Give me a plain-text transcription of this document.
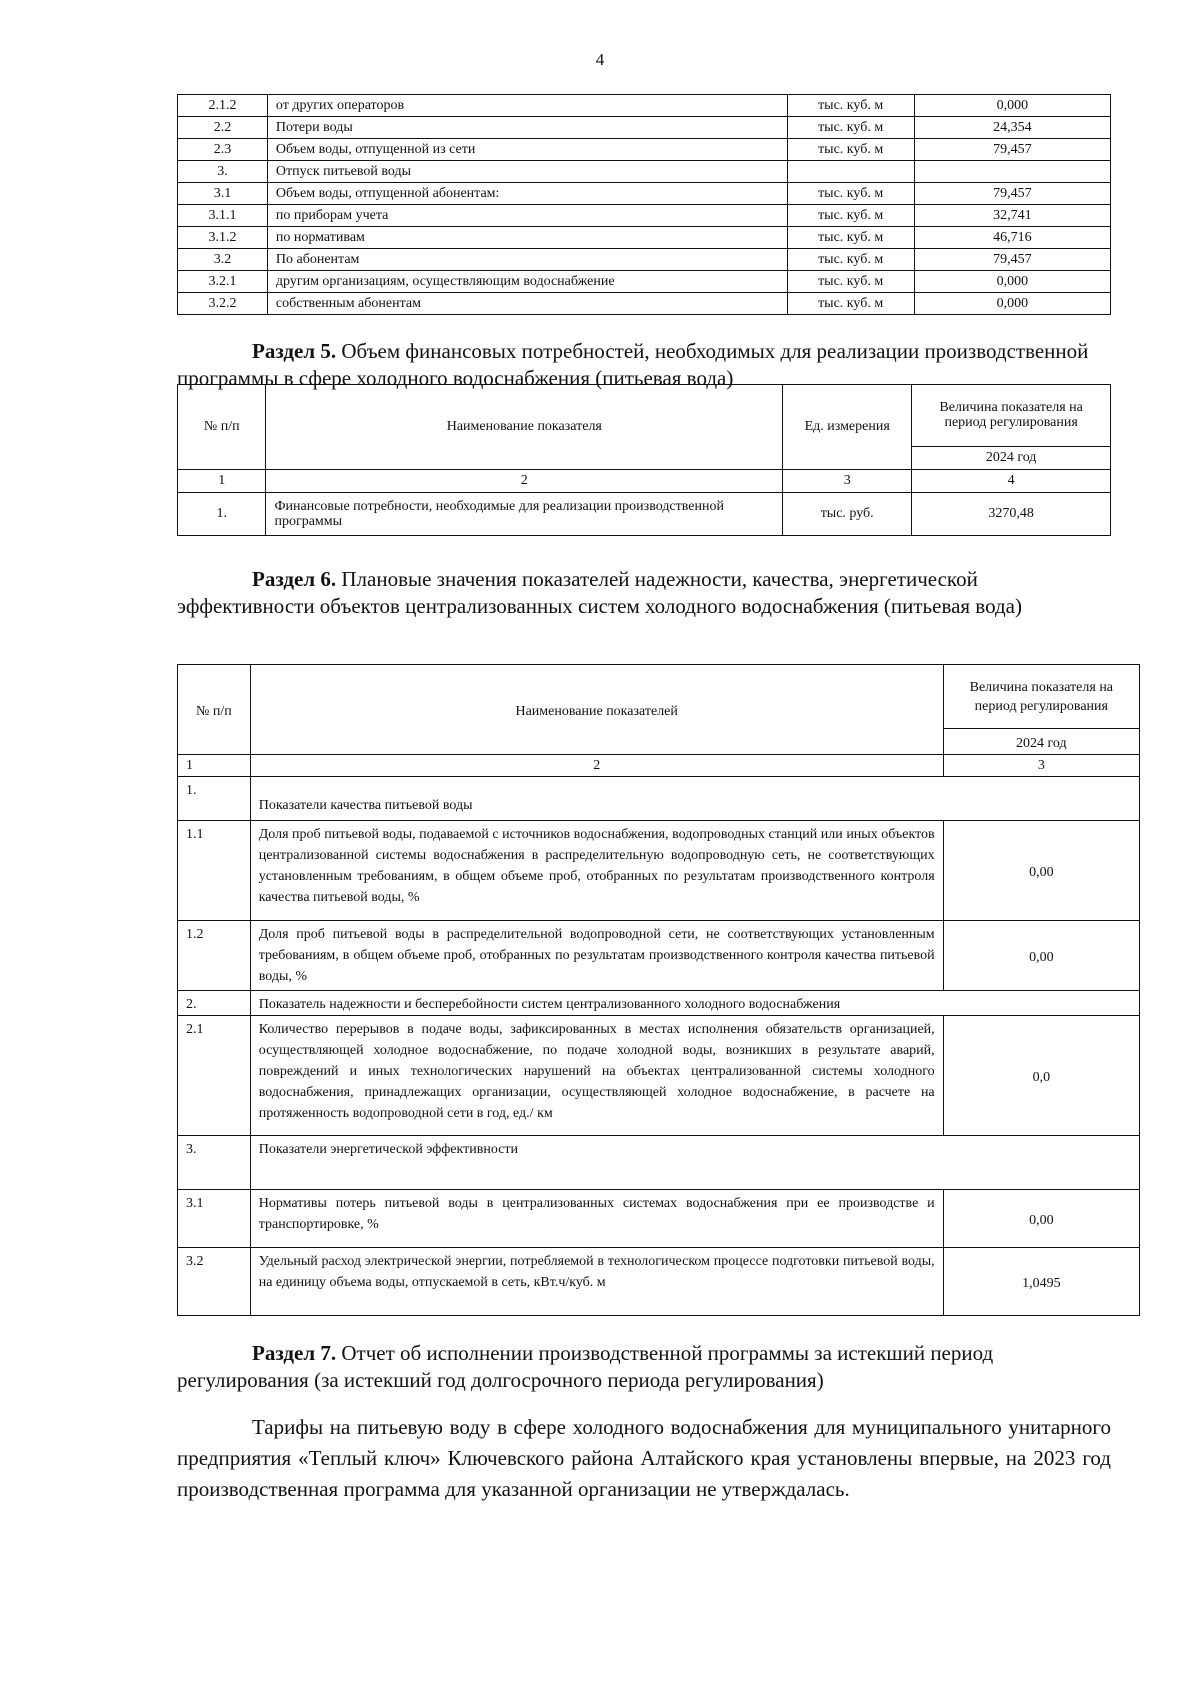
4
2.1.2	от других операторов	тыс. куб. м	0,000
2.2	Потери воды	тыс. куб. м	24,354
2.3	Объем воды, отпущенной из сети	тыс. куб. м	79,457
3.	Отпуск питьевой воды		
3.1	Объем воды, отпущенной абонентам:	тыс. куб. м	79,457
3.1.1	по приборам учета	тыс. куб. м	32,741
3.1.2	по нормативам	тыс. куб. м	46,716
3.2	По абонентам	тыс. куб. м	79,457
3.2.1	другим организациям, осуществляющим водоснабжение	тыс. куб. м	0,000
3.2.2	собственным абонентам	тыс. куб. м	0,000
Раздел 5. Объем финансовых потребностей, необходимых для реализации производственной программы в сфере холодного водоснабжения (питьевая вода)
№ п/п	Наименование показателя	Ед. измерения	Величина показателя на период регулирования
			2024 год
1	2	3	4
1.	Финансовые потребности, необходимые для реализации производственной программы	тыс. руб.	3270,48
Раздел 6. Плановые значения показателей надежности, качества, энергетической эффективности объектов централизованных систем холодного водоснабжения (питьевая вода)
№ п/п	Наименование показателей	Величина показателя на период регулирования
		2024 год
1	2	3
1.	Показатели качества питьевой воды	
1.1	Доля проб питьевой воды, подаваемой с источников водоснабжения, водопроводных станций или иных объектов централизованной системы водоснабжения в распределительную водопроводную сеть, не соответствующих установленным требованиям, в общем объеме проб, отобранных по результатам производственного контроля качества питьевой воды, %	0,00
1.2	Доля проб питьевой воды в распределительной водопроводной сети, не соответствующих установленным требованиям, в общем объеме проб, отобранных по результатам производственного контроля качества питьевой воды, %	0,00
2.	Показатель надежности и бесперебойности систем централизованного холодного водоснабжения	
2.1	Количество перерывов в подаче воды, зафиксированных в местах исполнения обязательств организацией, осуществляющей холодное водоснабжение, по подаче холодной воды, возникших в результате аварий, повреждений и иных технологических нарушений на объектах централизованной системы холодного водоснабжения, принадлежащих организации, осуществляющей холодное водоснабжение, в расчете на протяженность водопроводной сети в год, ед./ км	0,0
3.	Показатели энергетической эффективности	
3.1	Нормативы потерь питьевой воды в централизованных системах водоснабжения при ее производстве и транспортировке, %	0,00
3.2	Удельный расход электрической энергии, потребляемой в технологическом процессе подготовки питьевой воды, на единицу объема воды, отпускаемой в сеть, кВт.ч/куб. м	1,0495
Раздел 7. Отчет об исполнении производственной программы за истекший период регулирования (за истекший год долгосрочного периода регулирования)
Тарифы на питьевую воду в сфере холодного водоснабжения для муниципального унитарного предприятия «Теплый ключ» Ключевского района Алтайского края установлены впервые, на 2023 год производственная программа для указанной организации не утверждалась.
